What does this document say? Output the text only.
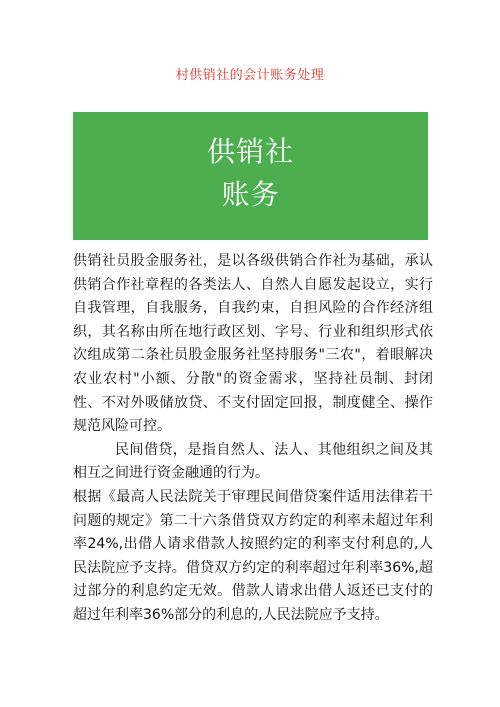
村供销社的会计账务处理
供销社
账务

供销社员股金服务社，是以各级供销合作社为基础，承认供销合作社章程的各类法人、自然人自愿发起设立，实行自我管理，自我服务，自我约束，自担风险的合作经济组织，其名称由所在地行政区划、字号、行业和组织形式依次组成第二条社员股金服务社坚持服务"三农"，着眼解决农业农村"小额、分散"的资金需求，坚持社员制、封闭性、不对外吸储放贷、不支付固定回报，制度健全、操作规范风险可控。

民间借贷，是指自然人、法人、其他组织之间及其相互之间进行资金融通的行为。

根据《最高人民法院关于审理民间借贷案件适用法律若干问题的规定》第二十六条借贷双方约定的利率未超过年利率24%,出借人请求借款人按照约定的利率支付利息的,人民法院应予支持。借贷双方约定的利率超过年利率36%,超过部分的利息约定无效。借款人请求出借人返还已支付的超过年利率36%部分的利息的,人民法院应予支持。
